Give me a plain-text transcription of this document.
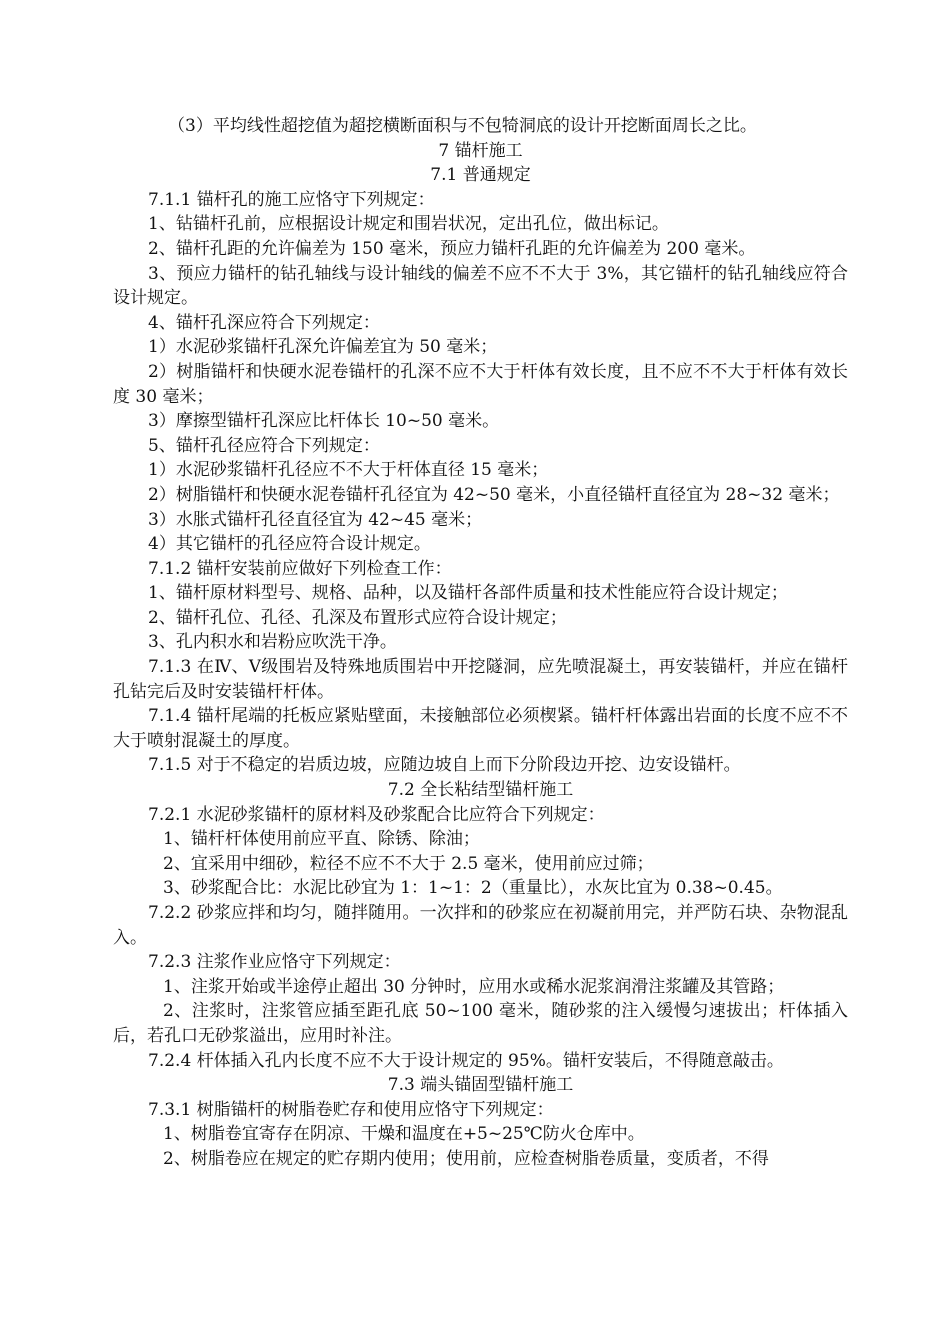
（3）平均线性超挖值为超挖横断面积与不包犄洞底的设计开挖断面周长之比。

7 锚杆施工

7.1 普通规定

7.1.1 锚杆孔的施工应恪守下列规定：

1、钻锚杆孔前，应根据设计规定和围岩状况，定出孔位，做出标记。

2、锚杆孔距的允许偏差为 150 毫米，预应力锚杆孔距的允许偏差为 200 毫米。

3、预应力锚杆的钻孔轴线与设计轴线的偏差不应不不大于 3%，其它锚杆的钻孔轴线应符合设计规定。

4、锚杆孔深应符合下列规定：

1）水泥砂浆锚杆孔深允许偏差宜为 50 毫米；

2）树脂锚杆和快硬水泥卷锚杆的孔深不应不大于杆体有效长度，且不应不不大于杆体有效长度 30 毫米；

3）摩擦型锚杆孔深应比杆体长 10~50 毫米。

5、锚杆孔径应符合下列规定：

1）水泥砂浆锚杆孔径应不不大于杆体直径 15 毫米；

2）树脂锚杆和快硬水泥卷锚杆孔径宜为 42~50 毫米，小直径锚杆直径宜为 28~32 毫米；

3）水胀式锚杆孔径直径宜为 42~45 毫米；

4）其它锚杆的孔径应符合设计规定。

7.1.2 锚杆安装前应做好下列检查工作：

1、锚杆原材料型号、规格、品种，以及锚杆各部件质量和技术性能应符合设计规定；

2、锚杆孔位、孔径、孔深及布置形式应符合设计规定；

3、孔内积水和岩粉应吹洗干净。

7.1.3 在Ⅳ、Ⅴ级围岩及特殊地质围岩中开挖隧洞，应先喷混凝土，再安装锚杆，并应在锚杆孔钻完后及时安装锚杆杆体。

7.1.4 锚杆尾端的托板应紧贴壁面，未接触部位必须楔紧。锚杆杆体露出岩面的长度不应不不大于喷射混凝土的厚度。

7.1.5 对于不稳定的岩质边坡，应随边坡自上而下分阶段边开挖、边安设锚杆。

7.2 全长粘结型锚杆施工

7.2.1 水泥砂浆锚杆的原材料及砂浆配合比应符合下列规定：

1、锚杆杆体使用前应平直、除锈、除油；

2、宜采用中细砂，粒径不应不不大于 2.5 毫米，使用前应过筛；

3、砂浆配合比：水泥比砂宜为 1：1~1：2（重量比），水灰比宜为 0.38~0.45。

7.2.2 砂浆应拌和均匀，随拌随用。一次拌和的砂浆应在初凝前用完，并严防石块、杂物混乱入。

7.2.3 注浆作业应恪守下列规定：

1、注浆开始或半途停止超出 30 分钟时，应用水或稀水泥浆润滑注浆罐及其管路；

2、注浆时，注浆管应插至距孔底 50~100 毫米，随砂浆的注入缓慢匀速拔出；杆体插入后，若孔口无砂浆溢出，应用时补注。

7.2.4 杆体插入孔内长度不应不大于设计规定的 95%。锚杆安装后，不得随意敲击。

7.3 端头锚固型锚杆施工

7.3.1 树脂锚杆的树脂卷贮存和使用应恪守下列规定：

1、树脂卷宜寄存在阴凉、干燥和温度在+5~25℃防火仓库中。

2、树脂卷应在规定的贮存期内使用；使用前，应检查树脂卷质量，变质者，不得
